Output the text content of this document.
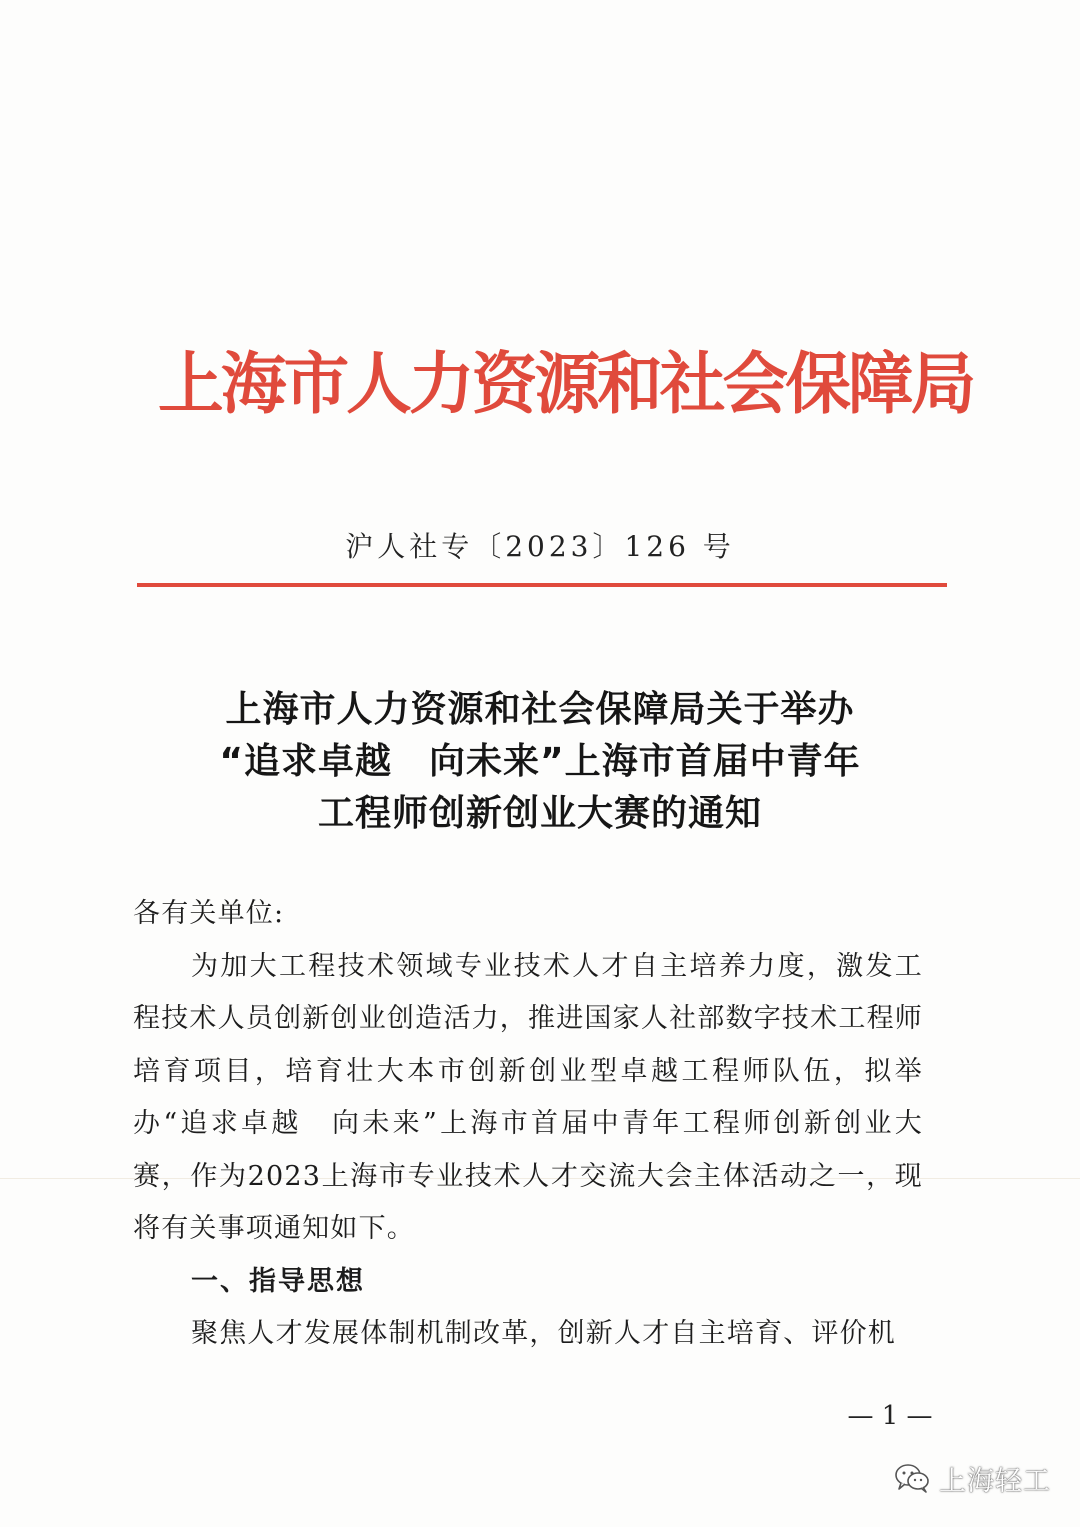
上海市人力资源和社会保障局
沪人社专〔2023〕126 号
上海市人力资源和社会保障局关于举办
“追求卓越　向未来”上海市首届中青年
工程师创新创业大赛的通知
各有关单位:
为加大工程技术领域专业技术人才自主培养力度，激发工程技术人员创新创业创造活力，推进国家人社部数字技术工程师培育项目，培育壮大本市创新创业型卓越工程师队伍，拟举办“追求卓越　向未来”上海市首届中青年工程师创新创业大赛，作为2023上海市专业技术人才交流大会主体活动之一，现将有关事项通知如下。
一、指导思想
聚焦人才发展体制机制改革，创新人才自主培育、评价机
— 1 —
上海轻工
